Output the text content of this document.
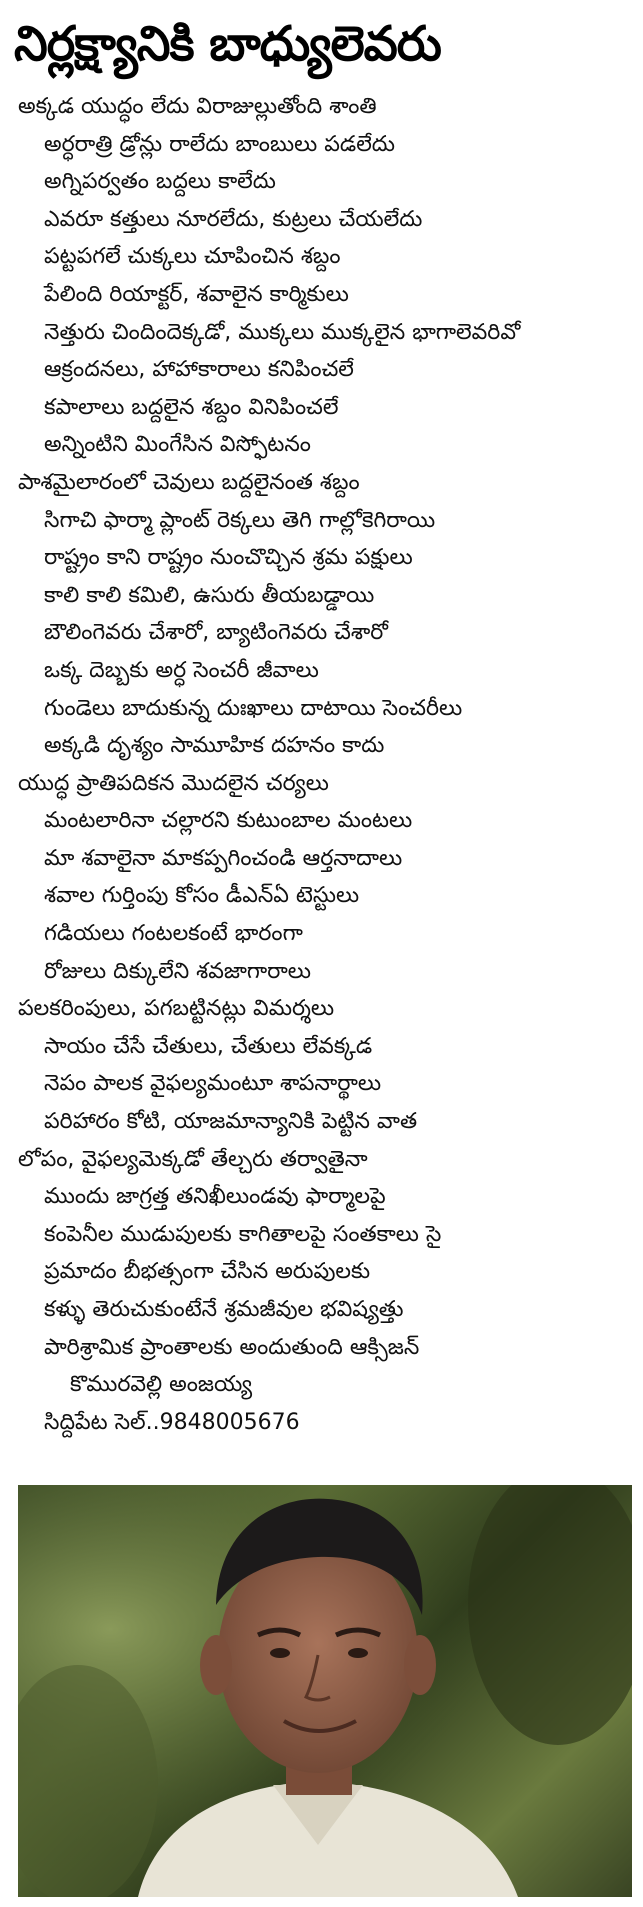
నిర్లక్ష్యానికి బాధ్యులెవరు
అక్కడ యుద్ధం లేదు విరాజుల్లుతోంది శాంతి
అర్ధరాత్రి డ్రోన్లు రాలేదు బాంబులు పడలేదు
అగ్నిపర్వతం బద్దలు కాలేదు
ఎవరూ కత్తులు నూరలేదు, కుట్రలు చేయలేదు
పట్టపగలే చుక్కలు చూపించిన శబ్దం
పేలింది రియాక్టర్, శవాలైన కార్మికులు
నెత్తురు చిందిందెక్కడో, ముక్కలు ముక్కలైన భాగాలెవరివో
ఆక్రందనలు, హాహాకారాలు కనిపించలే
కపాలాలు బద్దలైన శబ్దం వినిపించలే
అన్నింటిని మింగేసిన విస్ఫోటనం
పాశమైలారంలో చెవులు బద్దలైనంత శబ్దం
సిగాచి ఫార్మా ప్లాంట్ రెక్కలు తెగి గాల్లోకెగిరాయి
రాష్ట్రం కాని రాష్ట్రం నుంచొచ్చిన శ్రమ పక్షులు
కాలి కాలి కమిలి, ఉసురు తీయబడ్డాయి
బౌలింగెవరు చేశారో, బ్యాటింగెవరు చేశారో
ఒక్క దెబ్బకు అర్ధ సెంచరీ జీవాలు
గుండెలు బాదుకున్న దుఃఖాలు దాటాయి సెంచరీలు
అక్కడి దృశ్యం సామూహిక దహనం కాదు
యుద్ధ ప్రాతిపదికన మొదలైన చర్యలు
మంటలారినా చల్లారని కుటుంబాల మంటలు
మా శవాలైనా మాకప్పగించండి ఆర్తనాదాలు
శవాల గుర్తింపు కోసం డీఎన్ఏ టెస్టులు
గడియలు గంటలకంటే భారంగా
రోజులు దిక్కులేని శవజాగారాలు
పలకరింపులు, పగబట్టినట్లు విమర్శలు
సాయం చేసే చేతులు, చేతులు లేవక్కడ
నెపం పాలక వైఫల్యమంటూ శాపనార్థాలు
పరిహారం కోటి, యాజమాన్యానికి పెట్టిన వాత
లోపం, వైఫల్యమెక్కడో తేల్చరు తర్వాతైనా
ముందు జాగ్రత్త తనిఖీలుండవు ఫార్మాలపై
కంపెనీల ముడుపులకు కాగితాలపై సంతకాలు సై
ప్రమాదం బీభత్సంగా చేసిన అరుపులకు
కళ్ళు తెరుచుకుంటేనే శ్రమజీవుల భవిష్యత్తు
పారిశ్రామిక ప్రాంతాలకు అందుతుంది ఆక్సిజన్
కొమురవెల్లి అంజయ్య
సిద్దిపేట సెల్..9848005676
